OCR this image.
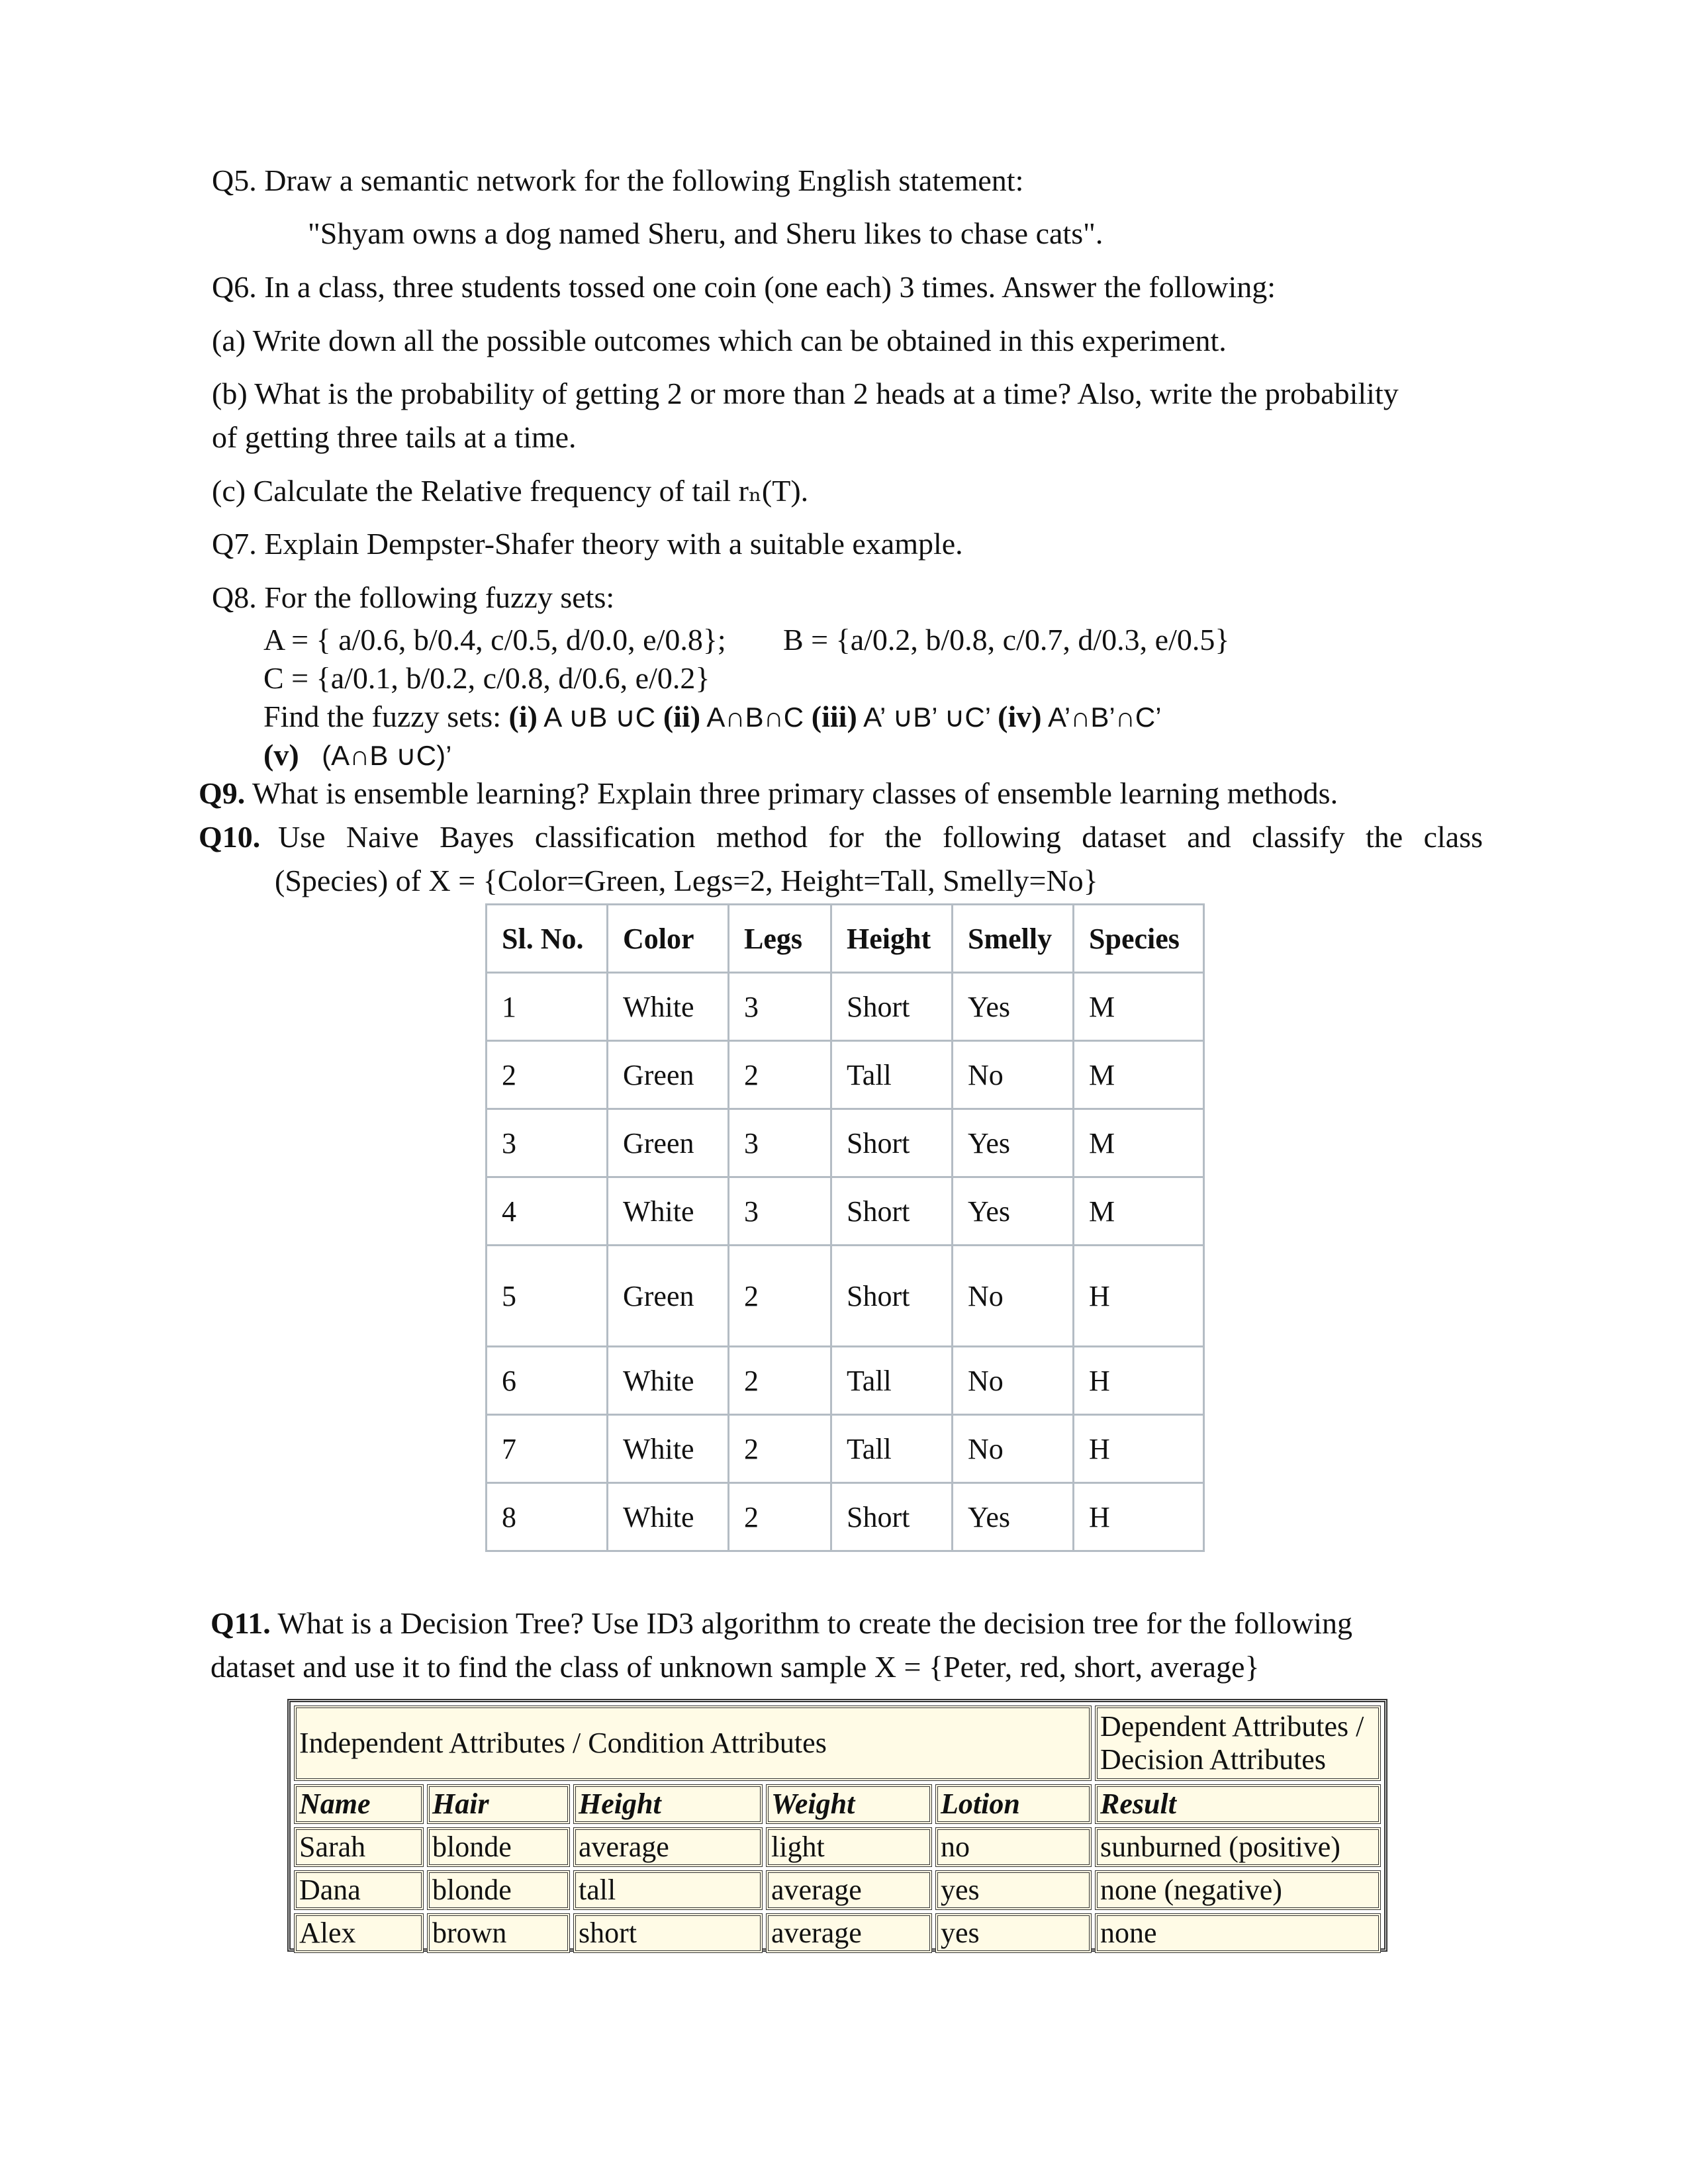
Q5. Draw a semantic network for the following English statement:
"Shyam owns a dog named Sheru, and Sheru likes to chase cats".
Q6. In a class, three students tossed one coin (one each) 3 times. Answer the following:
(a) Write down all the possible outcomes which can be obtained in this experiment.
(b) What is the probability of getting 2 or more than 2 heads at a time? Also, write the probability
of getting three tails at a time.
(c) Calculate the Relative frequency of tail rₙ(T).
Q7. Explain Dempster-Shafer theory with a suitable example.
Q8. For the following fuzzy sets:
A = { a/0.6, b/0.4, c/0.5, d/0.0, e/0.8}; B = {a/0.2, b/0.8, c/0.7, d/0.3, e/0.5}
C = {a/0.1, b/0.2, c/0.8, d/0.6, e/0.2}
Find the fuzzy sets: (i) A ∪B ∪C (ii) A∩B∩C (iii) A’ ∪B’ ∪C’ (iv) A’∩B’∩C’
(v) (A∩B ∪C)’
Q9. What is ensemble learning? Explain three primary classes of ensemble learning methods.
Q10. Use Naive Bayes classification method for the following dataset and classify the class
(Species) of X = {Color=Green, Legs=2, Height=Tall, Smelly=No}
Sl. No.	Color	Legs	Height	Smelly	Species
1	White	3	Short	Yes	M
2	Green	2	Tall	No	M
3	Green	3	Short	Yes	M
4	White	3	Short	Yes	M
5	Green	2	Short	No	H
6	White	2	Tall	No	H
7	White	2	Tall	No	H
8	White	2	Short	Yes	H
Q11. What is a Decision Tree? Use ID3 algorithm to create the decision tree for the following
dataset and use it to find the class of unknown sample X = {Peter, red, short, average}
Independent Attributes / Condition Attributes					Dependent Attributes /
Decision Attributes
Name	Hair	Height	Weight	Lotion	Result
Sarah	blonde	average	light	no	sunburned (positive)
Dana	blonde	tall	average	yes	none (negative)
Alex	brown	short	average	yes	none
